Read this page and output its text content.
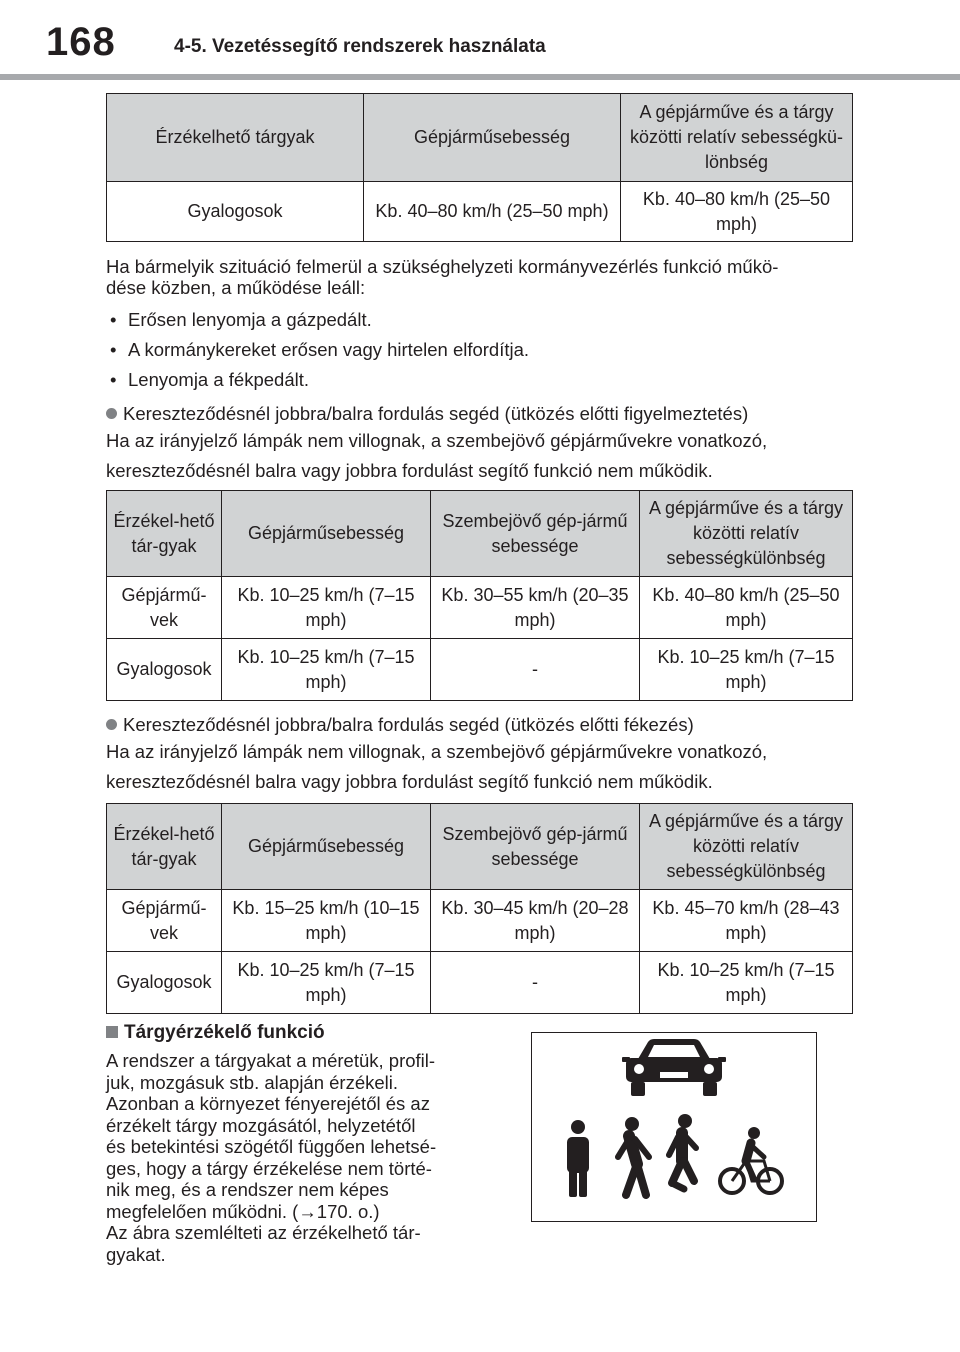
168	4-5. Vezetéssegítő rendszerek használata
Érzékelhető tárgyak	Gépjárműsebesség	A gépjárműve és a tárgy közötti relatív sebességkü-lönbség
Gyalogosok	Kb. 40–80 km/h (25–50 mph)	Kb. 40–80 km/h (25–50 mph)
Ha bármelyik szituáció felmerül a szükséghelyzeti kormányvezérlés funkció műkö-
dése közben, a működése leáll:
• Erősen lenyomja a gázpedált.
• A kormánykereket erősen vagy hirtelen elfordítja.
• Lenyomja a fékpedált.
Kereszteződésnél jobbra/balra fordulás segéd (ütközés előtti figyelmeztetés)
Ha az irányjelző lámpák nem villognak, a szembejövő gépjárművekre vonatkozó,
kereszteződésnél balra vagy jobbra fordulást segítő funkció nem működik.
Érzékel-hető tár-gyak	Gépjárműsebesség	Szembejövő gép-jármű sebessége	A gépjárműve és a tárgy közötti relatív sebességkülönbség
Gépjármű-vek	Kb. 10–25 km/h (7–15 mph)	Kb. 30–55 km/h (20–35 mph)	Kb. 40–80 km/h (25–50 mph)
Gyalogosok	Kb. 10–25 km/h (7–15 mph)	-	Kb. 10–25 km/h (7–15 mph)
Kereszteződésnél jobbra/balra fordulás segéd (ütközés előtti fékezés)
Ha az irányjelző lámpák nem villognak, a szembejövő gépjárművekre vonatkozó,
kereszteződésnél balra vagy jobbra fordulást segítő funkció nem működik.
Érzékel-hető tár-gyak	Gépjárműsebesség	Szembejövő gép-jármű sebessége	A gépjárműve és a tárgy közötti relatív sebességkülönbség
Gépjármű-vek	Kb. 15–25 km/h (10–15 mph)	Kb. 30–45 km/h (20–28 mph)	Kb. 45–70 km/h (28–43 mph)
Gyalogosok	Kb. 10–25 km/h (7–15 mph)	-	Kb. 10–25 km/h (7–15 mph)
Tárgyérzékelő funkció
A rendszer a tárgyakat a méretük, profil-
juk, mozgásuk stb. alapján érzékeli.
Azonban a környezet fényerejétől és az
érzékelt tárgy mozgásától, helyzetétől
és betekintési szögétől függően lehetsé-
ges, hogy a tárgy érzékelése nem törté-
nik meg, és a rendszer nem képes
megfelelően működni. (→170. o.)
Az ábra szemlélteti az érzékelhető tár-
gyakat.
